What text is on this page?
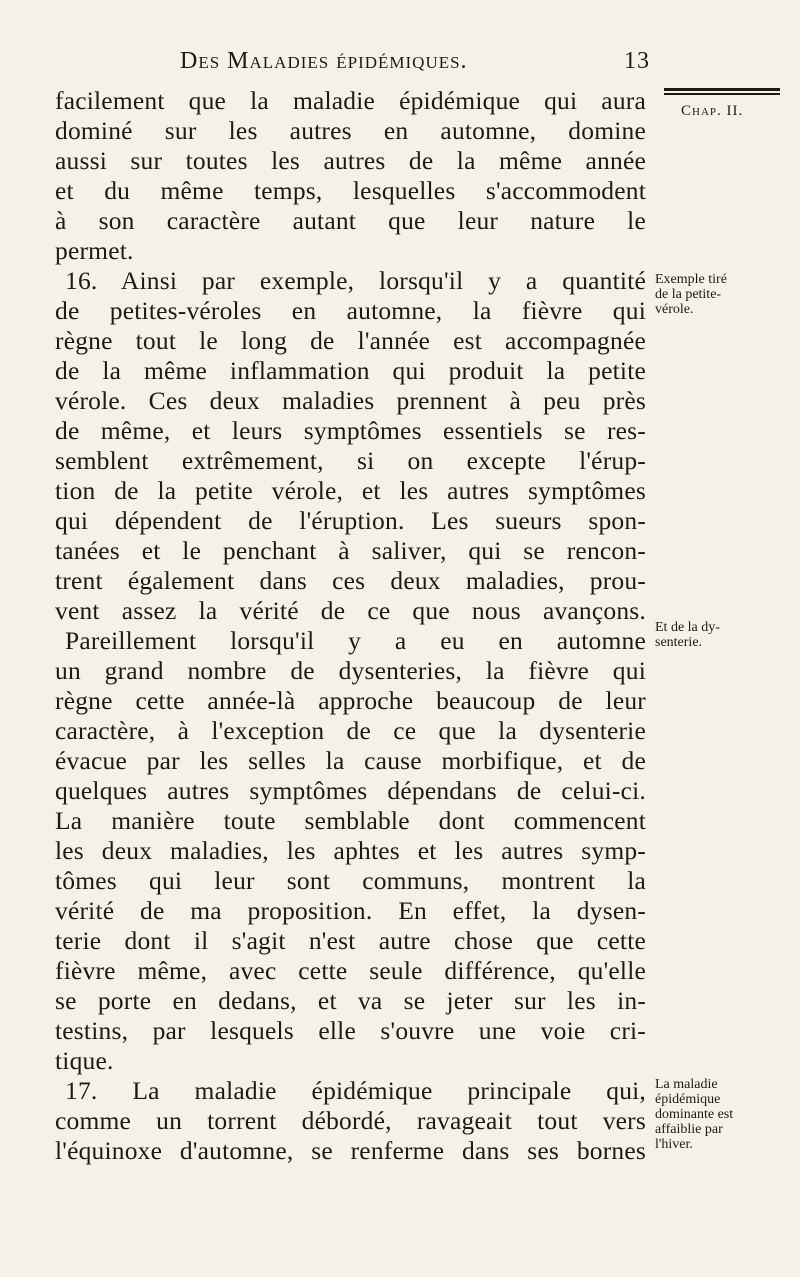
Des Maladies épidémiques.	13
Chap. II.
facilement que la maladie épidémique qui aura
dominé sur les autres en automne, domine
aussi sur toutes les autres de la même année
et du même temps, lesquelles s'accommodent
à son caractère autant que leur nature le
permet.
16. Ainsi par exemple, lorsqu'il y a quantité
de petites-véroles en automne, la fièvre qui
règne tout le long de l'année est accompagnée
de la même inflammation qui produit la petite
vérole. Ces deux maladies prennent à peu près
de même, et leurs symptômes essentiels se res-
semblent extrêmement, si on excepte l'érup-
tion de la petite vérole, et les autres symptômes
qui dépendent de l'éruption. Les sueurs spon-
tanées et le penchant à saliver, qui se rencon-
trent également dans ces deux maladies, prou-
vent assez la vérité de ce que nous avançons.
Pareillement lorsqu'il y a eu en automne
un grand nombre de dysenteries, la fièvre qui
règne cette année-là approche beaucoup de leur
caractère, à l'exception de ce que la dysenterie
évacue par les selles la cause morbifique, et de
quelques autres symptômes dépendans de celui-ci.
La manière toute semblable dont commencent
les deux maladies, les aphtes et les autres symp-
tômes qui leur sont communs, montrent la
vérité de ma proposition. En effet, la dysen-
terie dont il s'agit n'est autre chose que cette
fièvre même, avec cette seule différence, qu'elle
se porte en dedans, et va se jeter sur les in-
testins, par lesquels elle s'ouvre une voie cri-
tique.
17. La maladie épidémique principale qui,
comme un torrent débordé, ravageait tout vers
l'équinoxe d'automne, se renferme dans ses bornes
Exemple tiré
de la petite-
vérole.
Et de la dy-
senterie.
La maladie
épidémique
dominante est
affaiblie par
l'hiver.
